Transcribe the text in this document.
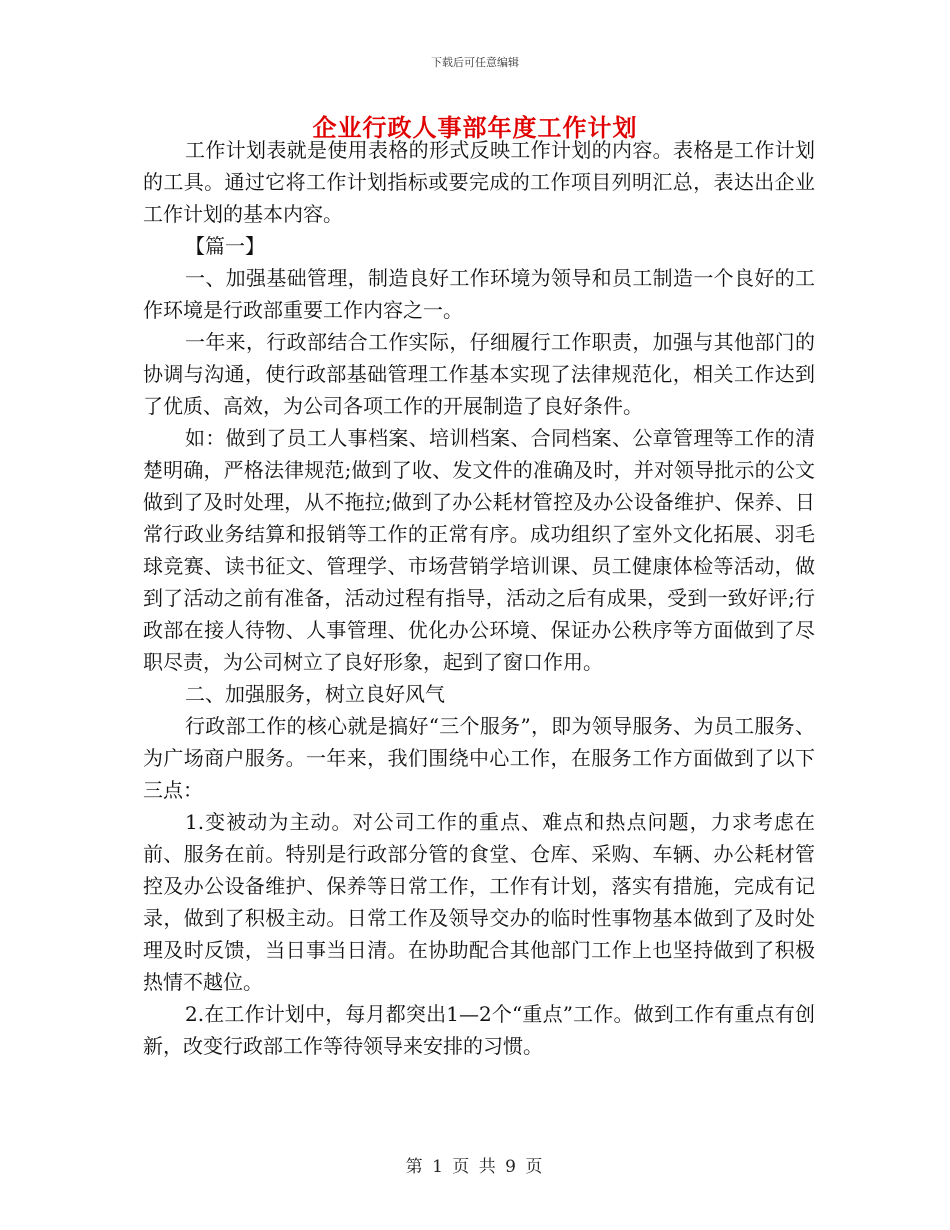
下载后可任意编辑
企业行政人事部年度工作计划

工作计划表就是使用表格的形式反映工作计划的内容。表格是工作计划的工具。通过它将工作计划指标或要完成的工作项目列明汇总，表达出企业工作计划的基本内容。

【篇一】

一、加强基础管理，制造良好工作环境为领导和员工制造一个良好的工作环境是行政部重要工作内容之一。

一年来，行政部结合工作实际，仔细履行工作职责，加强与其他部门的协调与沟通，使行政部基础管理工作基本实现了法律规范化，相关工作达到了优质、高效，为公司各项工作的开展制造了良好条件。

如：做到了员工人事档案、培训档案、合同档案、公章管理等工作的清楚明确，严格法律规范;做到了收、发文件的准确及时，并对领导批示的公文做到了及时处理，从不拖拉;做到了办公耗材管控及办公设备维护、保养、日常行政业务结算和报销等工作的正常有序。成功组织了室外文化拓展、羽毛球竞赛、读书征文、管理学、市场营销学培训课、员工健康体检等活动，做到了活动之前有准备，活动过程有指导，活动之后有成果，受到一致好评;行政部在接人待物、人事管理、优化办公环境、保证办公秩序等方面做到了尽职尽责，为公司树立了良好形象，起到了窗口作用。

二、加强服务，树立良好风气

行政部工作的核心就是搞好“三个服务”，即为领导服务、为员工服务、为广场商户服务。一年来，我们围绕中心工作，在服务工作方面做到了以下三点：

1.变被动为主动。对公司工作的重点、难点和热点问题，力求考虑在前、服务在前。特别是行政部分管的食堂、仓库、采购、车辆、办公耗材管控及办公设备维护、保养等日常工作，工作有计划，落实有措施，完成有记录，做到了积极主动。日常工作及领导交办的临时性事物基本做到了及时处理及时反馈，当日事当日清。在协助配合其他部门工作上也坚持做到了积极热情不越位。

2.在工作计划中，每月都突出1—2个“重点”工作。做到工作有重点有创新，改变行政部工作等待领导来安排的习惯。

第 1 页 共 9 页
